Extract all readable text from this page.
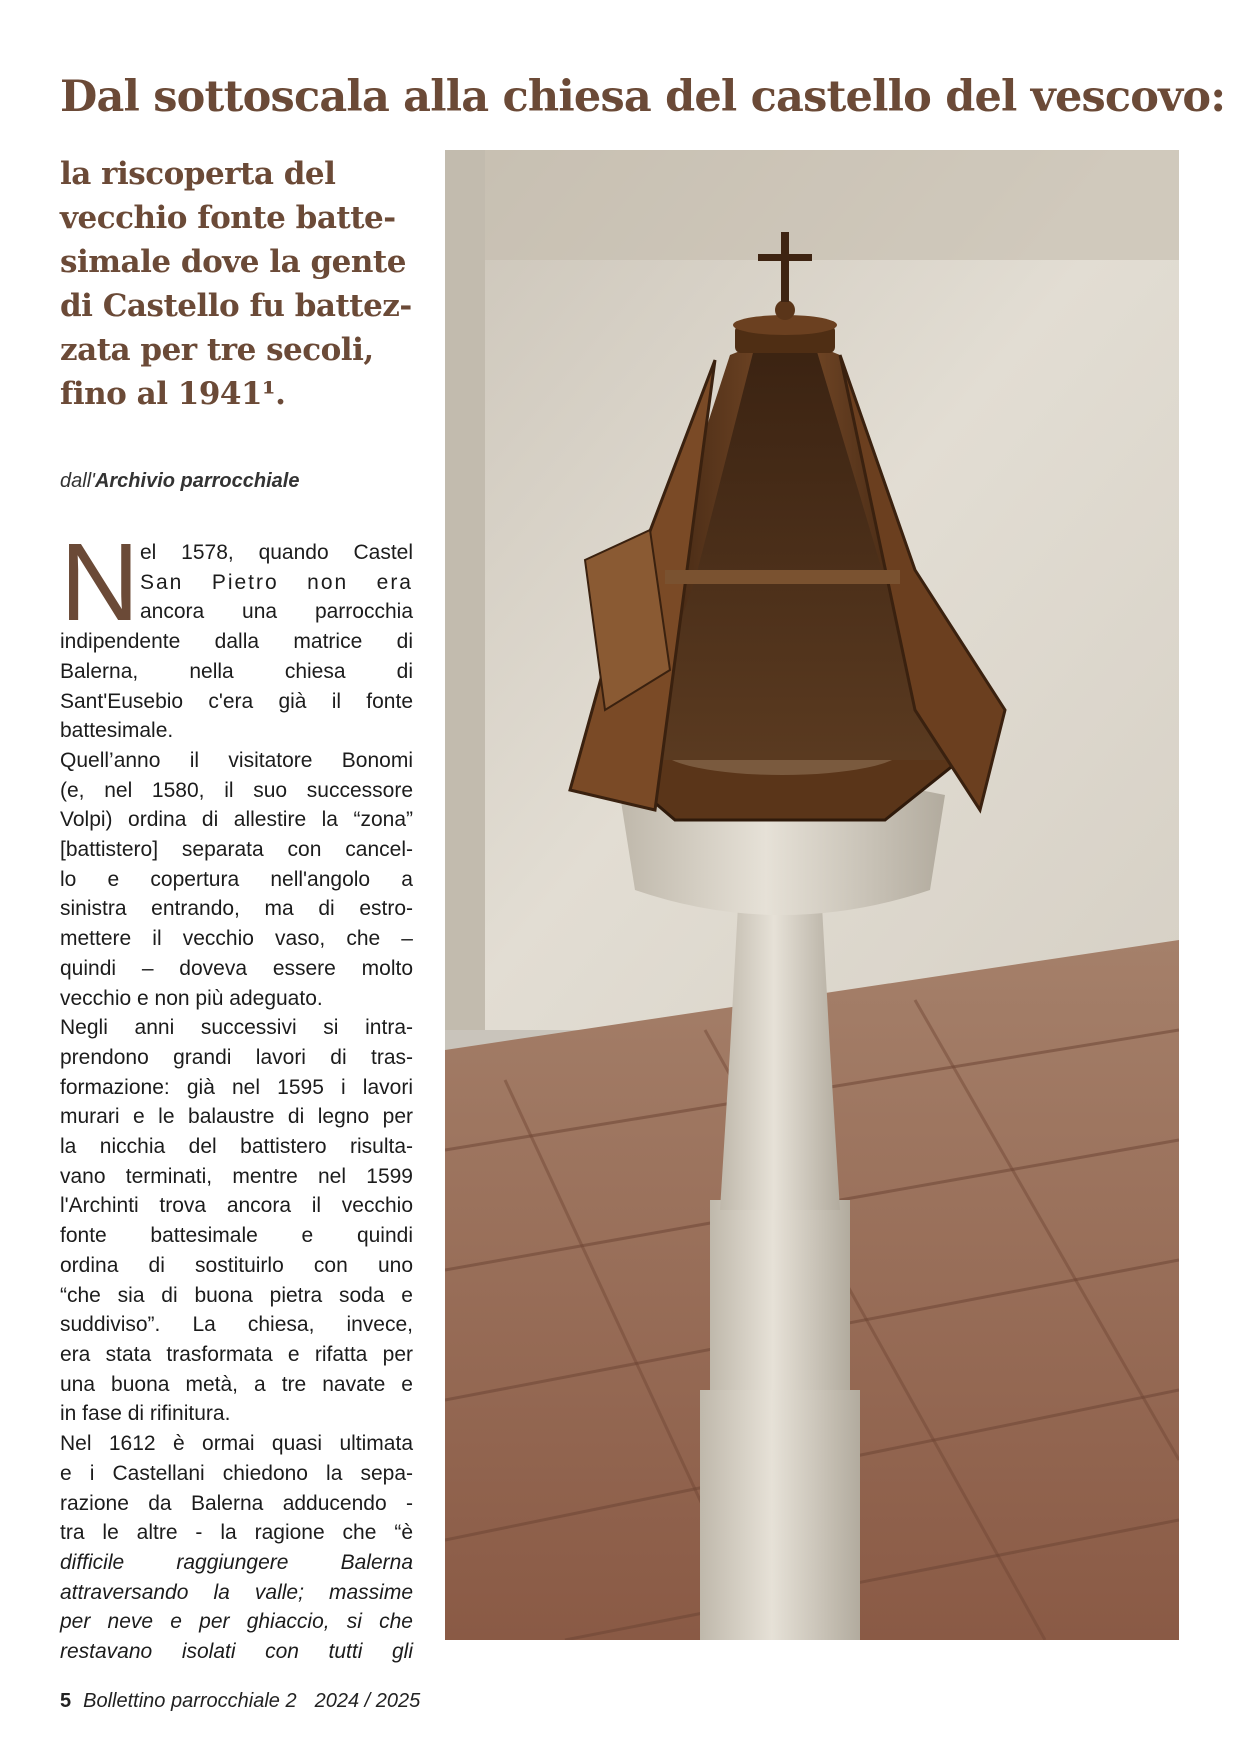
Dal sottoscala alla chiesa del castello del vescovo:
la riscoperta del
vecchio fonte batte-
simale dove la gente
di Castello fu battez-
zata per tre secoli,
fino al 1941¹.
dall'Archivio parrocchiale
N el 1578, quando Castel
San Pietro non era
ancora una parrocchia
indipendente dalla matrice di
Balerna, nella chiesa di
Sant'Eusebio c'era già il fonte
battesimale.
Quell’anno il visitatore Bonomi
(e, nel 1580, il suo successore
Volpi) ordina di allestire la “zona”
[battistero] separata con cancel-
lo e copertura nell'angolo a
sinistra entrando, ma di estro-
mettere il vecchio vaso, che –
quindi – doveva essere molto
vecchio e non più adeguato.
Negli anni successivi si intra-
prendono grandi lavori di tras-
formazione: già nel 1595 i lavori
murari e le balaustre di legno per
la nicchia del battistero risulta-
vano terminati, mentre nel 1599
l'Archinti trova ancora il vecchio
fonte battesimale e quindi
ordina di sostituirlo con uno
“che sia di buona pietra soda e
suddiviso”. La chiesa, invece,
era stata trasformata e rifatta per
una buona metà, a tre navate e
in fase di rifinitura.
Nel 1612 è ormai quasi ultimata
e i Castellani chiedono la sepa-
razione da Balerna adducendo -
tra le altre - la ragione che “è
difficile raggiungere Balerna
attraversando la valle; massime
per neve e per ghiaccio, si che
restavano isolati con tutti gli
5 Bollettino parrocchiale 2 2024 / 2025
